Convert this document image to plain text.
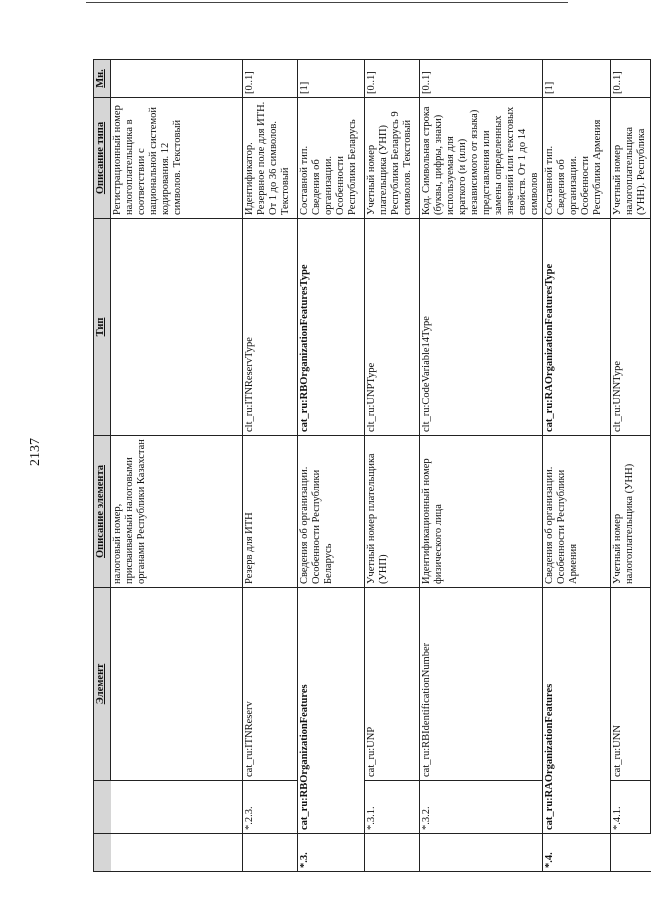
2137
		Элемент	Описание элемента	Тип	Описание типа	Мн.
			налоговый номер, присваиваемый налоговыми органами Республики Казахстан		Регистрационный номер налогоплательщика в соответствии с национальной системой кодирования. 12 символов. Текстовый	
	*.2.3.	cat_ru:ITNReserv	Резерв для ИТН	clt_ru:ITNReservType	Идентификатор. Резервное поле для ИТН. От 1 до 36 символов. Текстовый	[0..1]
*.3.	cat_ru:RBOrganizationFeatures		Сведения об организации. Особенности Республики Беларусь	cat_ru:RBOrganizationFeaturesType	Составной тип. Сведения об организации. Особенности Республики Беларусь	[1]
	*.3.1.	cat_ru:UNP	Учетный номер плательщика (УНП)	clt_ru:UNPType	Учетный номер плательщика (УНП) Республики Беларусь 9 символов. Текстовый	[0..1]
	*.3.2.	cat_ru:RBIdentificationNumber	Идентификационный номер физического лица	clt_ru:CodeVariable14Type	Код. Символьная строка (буквы, цифры, знаки) используемая для краткого (и (или) независимого от языка) представления или замены определенных значений или текстовых свойств. От 1 до 14 символов	[0..1]
*.4.	cat_ru:RAOrganizationFeatures		Сведения об организации. Особенности Республики Армения	cat_ru:RAOrganizationFeaturesType	Составной тип. Сведения об организации. Особенности Республики Армения	[1]
	*.4.1.	cat_ru:UNN	Учетный номер налогоплательщика (УНН)	clt_ru:UNNType	Учетный номер налогоплательщика (УНН). Республика	[0..1]
